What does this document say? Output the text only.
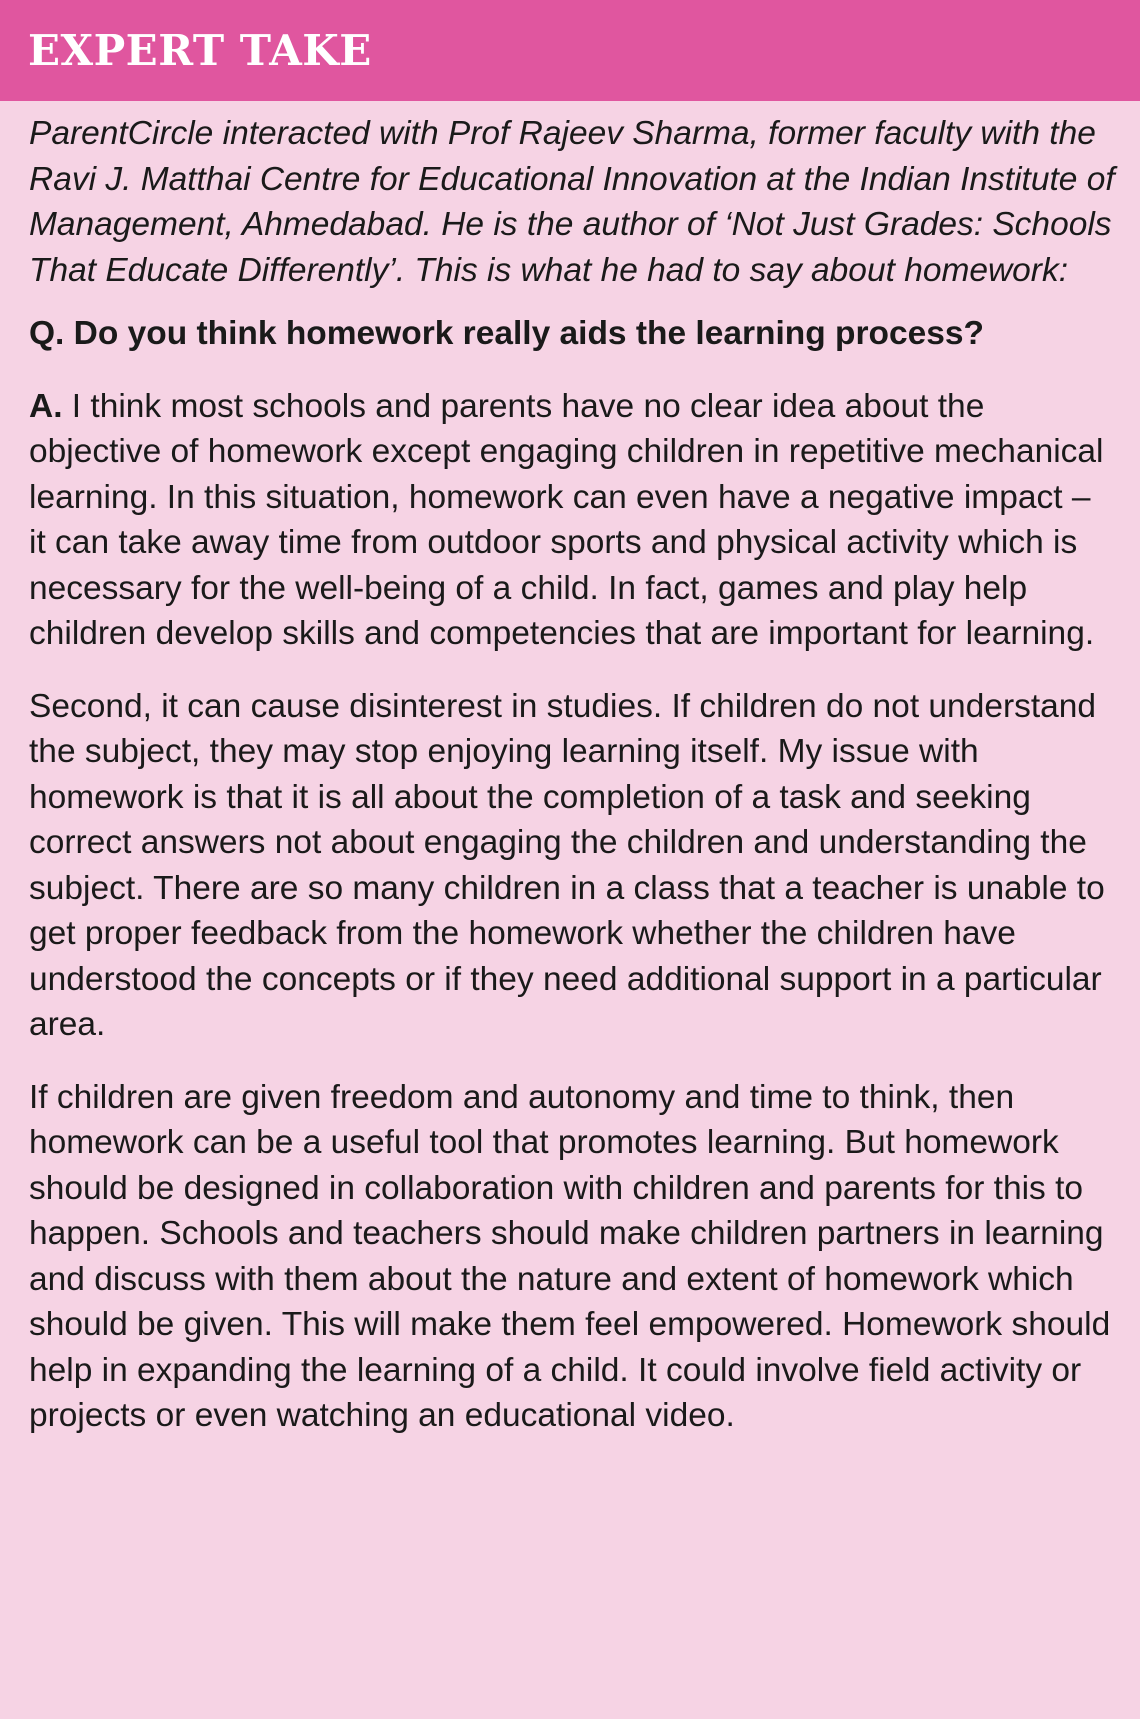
EXPERT TAKE

ParentCircle interacted with Prof Rajeev Sharma, former faculty with the Ravi J. Matthai Centre for Educational Innovation at the Indian Institute of Management, Ahmedabad. He is the author of ‘Not Just Grades: Schools That Educate Differently’. This is what he had to say about homework:

Q. Do you think homework really aids the learning process?

A. I think most schools and parents have no clear idea about the objective of homework except engaging children in repetitive mechanical learning. In this situation, homework can even have a negative impact – it can take away time from outdoor sports and physical activity which is necessary for the well-being of a child. In fact, games and play help children develop skills and competencies that are important for learning.

Second, it can cause disinterest in studies. If children do not understand the subject, they may stop enjoying learning itself. My issue with homework is that it is all about the completion of a task and seeking correct answers not about engaging the children and understanding the subject. There are so many children in a class that a teacher is unable to get proper feedback from the homework whether the children have understood the concepts or if they need additional support in a particular area.

If children are given freedom and autonomy and time to think, then homework can be a useful tool that promotes learning. But homework should be designed in collaboration with children and parents for this to happen. Schools and teachers should make children partners in learning and discuss with them about the nature and extent of homework which should be given. This will make them feel empowered. Homework should help in expanding the learning of a child. It could involve field activity or projects or even watching an educational video.
